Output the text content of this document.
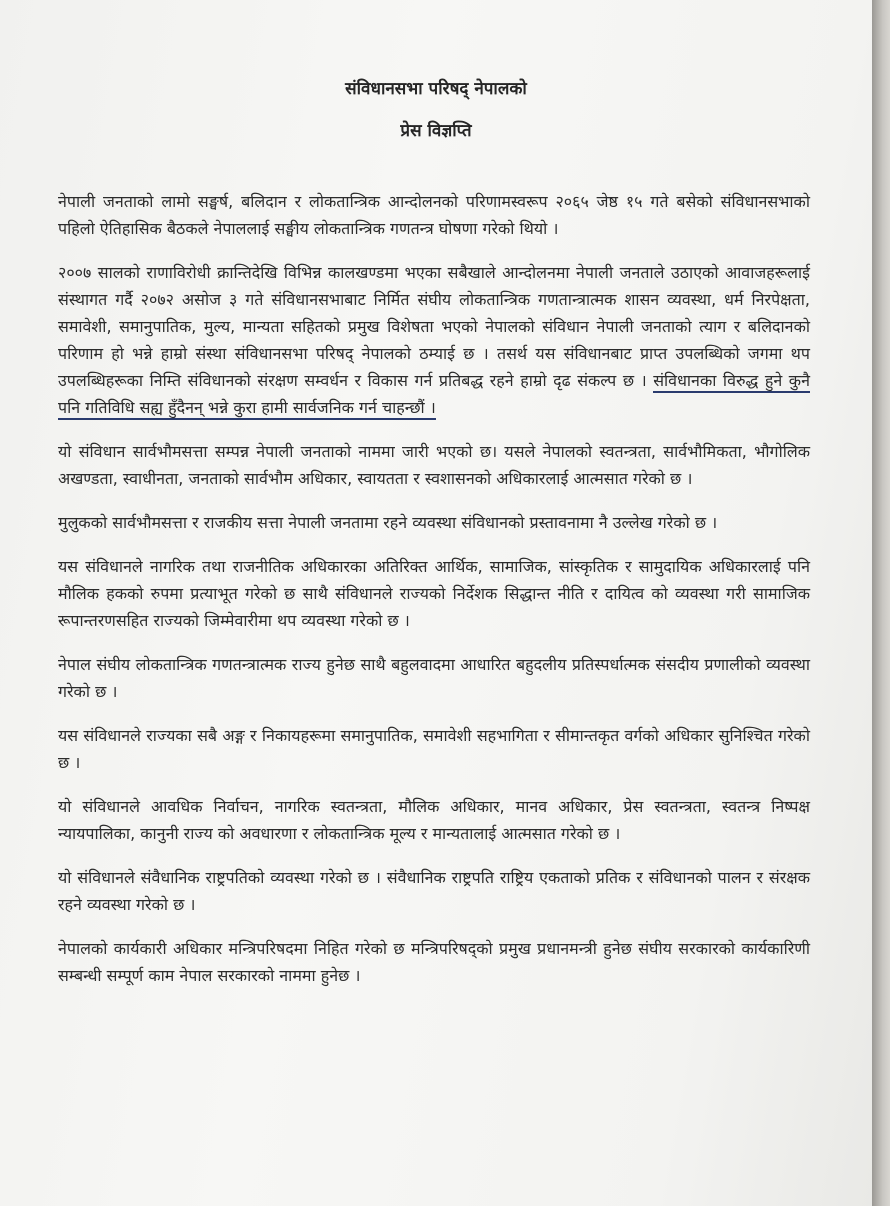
संविधानसभा परिषद् नेपालको
प्रेस विज्ञप्ति

नेपाली जनताको लामो सङ्घर्ष, बलिदान र लोकतान्त्रिक आन्दोलनको परिणामस्वरूप २०६५ जेष्ठ १५ गते बसेको संविधानसभाको पहिलो ऐतिहासिक बैठकले नेपाललाई सङ्घीय लोकतान्त्रिक गणतन्त्र घोषणा गरेको थियो ।

२००७ सालको राणाविरोधी क्रान्तिदेखि विभिन्न कालखण्डमा भएका सबैखाले आन्दोलनमा नेपाली जनताले उठाएको आवाजहरूलाई संस्थागत गर्दै २०७२ असोज ३ गते संविधानसभाबाट निर्मित संघीय लोकतान्त्रिक गणतान्त्रात्मक शासन व्यवस्था, धर्म निरपेक्षता, समावेशी, समानुपातिक, मुल्य, मान्यता सहितको प्रमुख विशेषता भएको नेपालको संविधान नेपाली जनताको त्याग र बलिदानको परिणाम हो भन्ने हाम्रो संस्था संविधानसभा परिषद् नेपालको ठम्याई छ । तसर्थ यस संविधानबाट प्राप्त उपलब्धिको जगमा थप उपलब्धिहरूका निम्ति संविधानको संरक्षण सम्वर्धन र विकास गर्न प्रतिबद्ध रहने हाम्रो दृढ संकल्प छ । संविधानका विरुद्ध हुने कुनै पनि गतिविधि सह्य हुँदैनन् भन्ने कुरा हामी सार्वजनिक गर्न चाहन्छौं ।

यो संविधान सार्वभौमसत्ता सम्पन्न नेपाली जनताको नाममा जारी भएको छ। यसले नेपालको स्वतन्त्रता, सार्वभौमिकता, भौगोलिक अखण्डता, स्वाधीनता, जनताको सार्वभौम अधिकार, स्वायतता र स्वशासनको अधिकारलाई आत्मसात गरेको छ ।

मुलुकको सार्वभौमसत्ता र राजकीय सत्ता नेपाली जनतामा रहने व्यवस्था संविधानको प्रस्तावनामा नै उल्लेख गरेको छ ।

यस संविधानले नागरिक तथा राजनीतिक अधिकारका अतिरिक्त आर्थिक, सामाजिक, सांस्कृतिक र सामुदायिक अधिकारलाई पनि मौलिक हकको रुपमा प्रत्याभूत गरेको छ साथै संविधानले राज्यको निर्देशक सिद्धान्त नीति र दायित्व को व्यवस्था गरी सामाजिक रूपान्तरणसहित राज्यको जिम्मेवारीमा थप व्यवस्था गरेको छ ।

नेपाल संघीय लोकतान्त्रिक गणतन्त्रात्मक राज्य हुनेछ साथै बहुलवादमा आधारित बहुदलीय प्रतिस्पर्धात्मक संसदीय प्रणालीको व्यवस्था गरेको छ ।

यस संविधानले राज्यका सबै अङ्ग र निकायहरूमा समानुपातिक, समावेशी सहभागिता र सीमान्तकृत वर्गको अधिकार सुनिश्चित गरेको छ ।

यो संविधानले आवधिक निर्वाचन, नागरिक स्वतन्त्रता, मौलिक अधिकार, मानव अधिकार, प्रेस स्वतन्त्रता, स्वतन्त्र निष्पक्ष न्यायपालिका, कानुनी राज्य को अवधारणा र लोकतान्त्रिक मूल्य र मान्यतालाई आत्मसात गरेको छ ।

यो संविधानले संवैधानिक राष्ट्रपतिको व्यवस्था गरेको छ । संवैधानिक राष्ट्रपति राष्ट्रिय एकताको प्रतिक र संविधानको पालन र संरक्षक रहने व्यवस्था गरेको छ ।

नेपालको कार्यकारी अधिकार मन्त्रिपरिषदमा निहित गरेको छ मन्त्रिपरिषद्को प्रमुख प्रधानमन्त्री हुनेछ संघीय सरकारको कार्यकारिणी सम्बन्धी सम्पूर्ण काम नेपाल सरकारको नाममा हुनेछ ।
